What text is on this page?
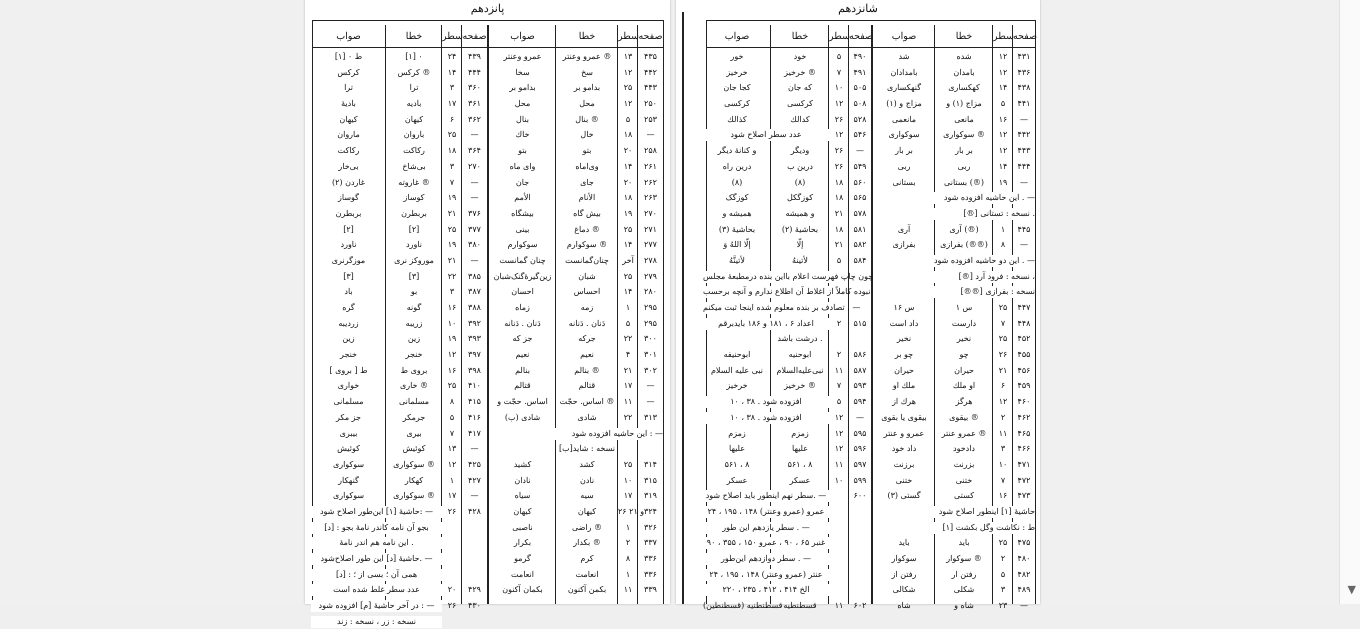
پانزدهم
صفحه
سطر
خطا
صواب
صفحه
سطر
خطا
صواب
۴۳۵
۱۳
عمرو وعنتر ®
عمرو وعنتر
۴۳۹
۲۴
[۱] ۰
[۱] ط ۰
۴۴۲
۱۲
سخ
سخا
۴۴۴
۱۴
کرکس ®
کرکس
۴۴۳
۲۵
بدامو بر
بدامو بر
۳۶۰
۳
ترا
ترا
۲۵۰
۱۲
محل
محل
۳۶۱
۱۷
بادیه
بادیهٔ
۲۵۳
۵
بنال ®
بنال
۳۶۲
۶
کیهان
کیهان
—
۱۸
خال
خاك
—
۲۵
باروان
ماروان
۲۵۸
۲۰
بتو
بتو
۳۶۴
۱۸
رکاکت
رکاکت
۲۶۱
۱۴
وی‌اماه
وای ماه
۲۷۰
۳
بی‌شاخ
بی‌خار
۲۶۲
۲۰
جای
جان
—
۷
غاروته ®
غاردن (۲)
۲۶۳
۱۸
الأنام
الأمم
—
۱۹
کوساز
گوساز
۲۷۰
۱۹
بیش گاه
بیشگاه
۳۷۶
۲۱
بربطرن
بربطرن
۲۷۱
۲۵
دماغ ®
بینی
۳۷۷
۲۵
[۲]
[۲]
۲۷۷
۱۴
سوکوارم ®
سوکوارم
۳۸۰
۱۹
ناورد
ناورد
۲۷۸
آخر
چنان‌گمانست
چنان گمانست
—
۲۱
موروکز نری
موزگرنری
۲۷۹
۲۵
شبان
زین‌گیرهٔ‌گنک‌شبان
۳۸۵
۲۲
[۳]
[۳]
۲۸۰
۱۴
احساس
احسان
۳۸۷
۳
بو
باد
۲۹۵
۱
زمه
زماه
۳۸۸
۱۶
گونه
گره
۲۹۵
۵
دَنان . دَنانه
دَنان . دَنانه
۳۹۲
۱۰
زریبه
زردیبه
۳۰۰
۲۲
جرکه
جز که
۳۹۳
۱۹
زین
زین
۳۰۱
۴
نعیم
نعیم
۳۹۷
۱۲
خنجر
خنجر
۳۰۲
۲۱
بنالم ®
بنالم
۳۹۸
۱۶
بروی ط
[ بروی ] ط
—
۱۷
قتالم
قتالم
۴۱۰
۲۵
خاری ®
خواری
—
۱۱
اساس. حجّت ®
اساس. حجّت و
۴۱۵
۸
مسلمانی
مسلمانی
۳۱۳
۲۲
شادی
شادی (ب)
۴۱۶
۵
جرمکر
جز مکر
این حاشیه افزوده شود : —
۴۱۷
۷
بیری
بیبری
[ب]نسخه : شاید
—
۱۳
کوئیش
کوئیش
۳۱۴
۲۵
کشد
کشید
۴۲۵
۱۲
سوکواری ®
سوکواری
۳۱۵
۱۰
نادن
نادان
۴۲۷
۱
کهکار
گنهکار
۳۱۹
۱۷
سیه
سیاه
—
۱۷
سوکواری ®
سوکواری
۳۲۴
۲۶ و ۲۱
کیهان
کیهان
۴۲۸
۲۶
حاشیهٔ [۱] این‌طور اصلاح شود: —
۳۲۶
۱
راضی ®
ناصبی
[د] : بجو آن نامه کاندر نامهٔ بجو
۳۳۷
۲
بکدار ®
بکرار
این نامه هم اندر نامهٔ .
۳۳۶
۸
کرم
گرمو
حاشیهٔ [د] این طور اصلاح‌شود. —
۳۳۶
۱
انعامت
انعامت
[د] : همی آن ؛ بسی از ؛
۳۳۹
۱۱
بکمن آکنون
بکمان آکنون
۴۲۹
۲۰
عدد سطر غلط شده است
۴۳۰
۲۶
در آخر حاشیهٔ [م] افزوده شود : —
نسخه : زر ، نسخه : زند
شانزدهم
صفحه
سطر
خطا
صواب
صفحه
سطر
خطا
صواب
۴۳۱
۱۲
شده
شد
۴۹۰
۵
خود
خور
۴۳۶
۱۲
بامدان
بامدادان
۴۹۱
۷
خرخیز ®
خرخیز
۴۳۸
۱۴
کهکساری
گنهکساری
۵۰۵
۱۰
که جان
کجا جان
۴۴۱
۵
مزاج (۱) و
مزاج و (۱)
۵۰۸
۱۲
کرکسی
کرکسی
—
۱۶
مانعی
مانعمی
۵۲۸
۲۶
کدالك
کذالك
۴۴۲
۱۲
سوکواری ®
سوکواری
۵۴۶
۱۲
عدد سطر اصلاح شود
۴۴۳
۱۲
بر بار
بر بار
—
۲۶
ودیگر
و کنانهٔ دیگر
۴۴۴
۱۴
ربی
ربی
۵۴۹
۲۶
درین ب
درین راه
—
۱۹
بستانی (®)
بستانی
۵۶۰
۱۸
(۸)
(۸)
این حاشیه افزوده شود . —
۵۶۵
۱۸
کوزگکل
کوزگک
[®] نسخه : تستانی .
۵۷۸
۲۱
و همیشه
همیشه و
۴۴۵
۱
آری (®)
آری
۵۸۱
۱۸
بحاشیهٔ (۲)
بحاشیهٔ (۳)
—
۸
بفرازی (®®)
بفرازی
۵۸۲
۲۱
إلّا
إلّا اللهُ وَ
این دو حاشیه افزوده شود . —
۵۸۴
۵
لأتینهُ
لأتینَّهُ
[®] نسخه : فرود آرد ،
چون چاپ فهرست اعلام بااین بنده درمطبعهٔ مجلس
[®®] نسخه : بفرازی
نبوده کاملاً از اغلاط آن اطلاع ندارم و آنچه برحسب
۴۴۷
۲۵
س ۱
س ۱۶
تصادف بر بنده معلوم شده اینجا ثبت میکنم . —
۴۴۸
۷
دارست
داد است
۵۱۵
۲
اعداد ۶ ، ۱۸۱ و ۱۸۶ بایدبرقم
۴۵۲
۲۵
نخیر
نخیر
درشت باشد .
۴۵۵
۲۶
چو
چو بر
۵۸۶
۲
ابوحنیه
ابوحنیفه
۴۵۶
۲۱
حیران
حیران
۵۸۷
۱۱
نبی‌علیه‌السلام
نبی علیه السلام
۴۵۹
۶
او ملك
ملك او
۵۹۳
۷
خرخیز ®
خرخیز
۴۶۰
۱۲
هرگز
هرك از
۵۹۴
۵
افزوده شود . ۳۸ ، ۱۰
۴۶۲
۲
بیقوی ®
بیقوی یا بقوی
—
۱۲
افزوده شود . ۳۸ ، ۱۰
۴۶۵
۱۱
عمرو عنتر ®
عمرو و عنتر
۵۹۵
۱۲
زمزم
زمزم
۴۶۶
۳
دادخود
داد خود
۵۹۶
۱۲
علیها
علیها
۴۷۱
۱۰
بزرنت
برزنت
۵۹۷
۱۱
۵۶۱ ، ۸
۵۶۱ ، ۸
۴۷۲
۷
ختنی
ختنی
۵۹۹
۱۰
عسکر
عسکر
۴۷۳
۱۶
کستی
گستی (۳)
۶۰۰
سطر نهم اینطور باید اصلاح شود. —
حاشیهٔ [۱] اینطور اصلاح شود
عمرو (عمرو وعنتر) ۱۴۸ ، ۱۹۵ ، ۲۴
[۱] ط : نکاشت وگل بکشت
سطر یازدهم این طور . —
۴۷۵
۲۵
باید
باید
غنبر ۶۵ ، ۹۰ ، عمرو ۱۵۰ ، ۳۵۵ ، ۹۰
۴۸۰
۲
سوکوار ®
سوکوار
سطر دوازدهم این‌طور . —
۴۸۲
۵
رفتن ار
رفتن از
عنتر (عمرو وعنتر) ۱۴۸ ، ۱۹۵ ، ۲۴
۴۸۹
۳
شکلی
شکالی
۲۲۰ ، ۲۳۵ ، ۴۱۲ ، ۴۱۴ الخ
—
۲۳
شاه و
شاه
۶۰۲
۱۱
قسطنطیه
قسطنطنیه (قسطنطین)
▼
